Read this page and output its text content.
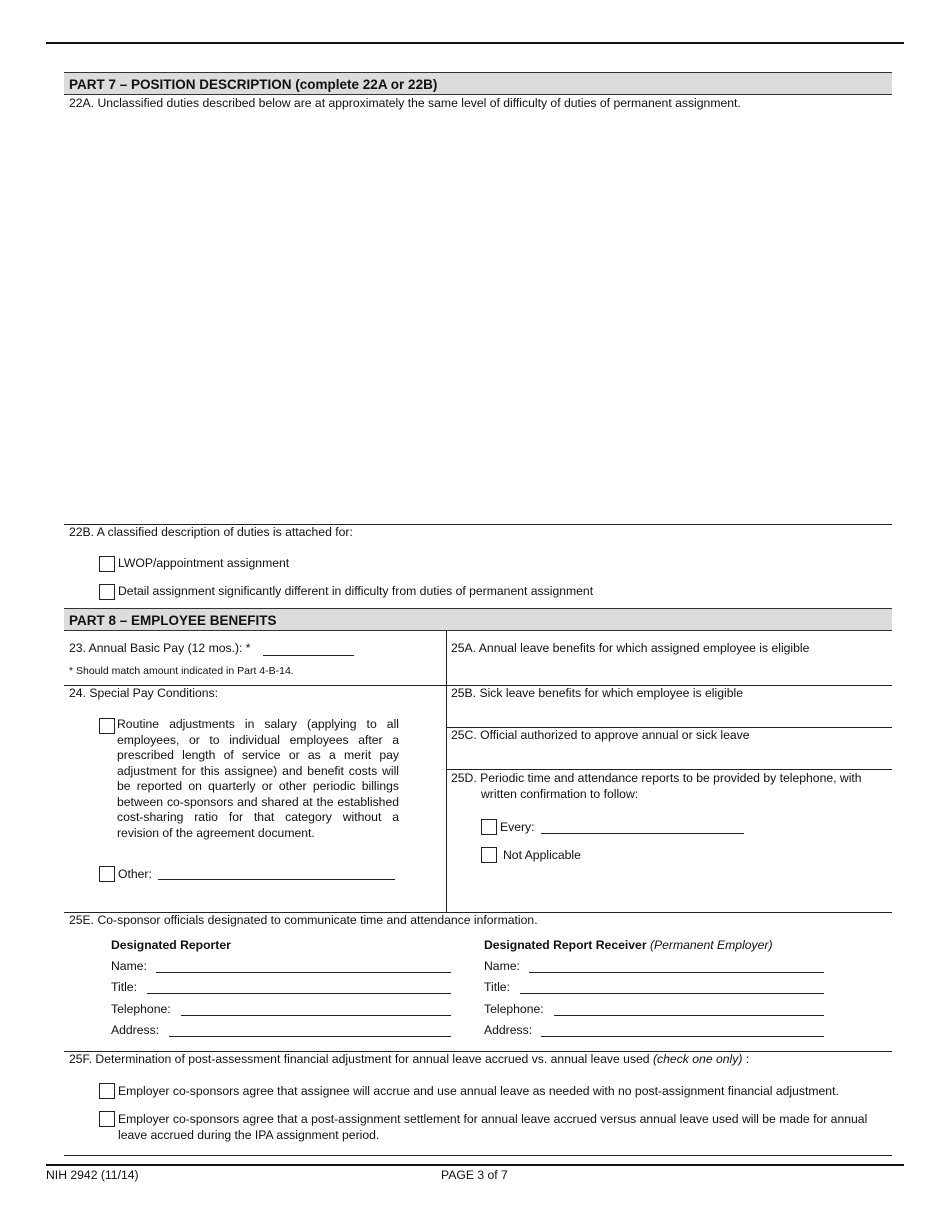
PART 7 – POSITION DESCRIPTION (complete 22A or 22B)
22A. Unclassified duties described below are at approximately the same level of difficulty of duties of permanent assignment.
22B. A classified description of duties is attached for:
LWOP/appointment assignment
Detail assignment significantly different in difficulty from duties of permanent assignment
PART 8 – EMPLOYEE BENEFITS
23. Annual Basic Pay (12 mos.): *
* Should match amount indicated in Part 4-B-14.
25A. Annual leave benefits for which assigned employee is eligible
24. Special Pay Conditions:
Routine adjustments in salary (applying to all employees, or to individual employees after a prescribed length of service or as a merit pay adjustment for this assignee) and benefit costs will be reported on quarterly or other periodic billings between co-sponsors and shared at the established cost-sharing ratio for that category without a revision of the agreement document.
Other:
25B. Sick leave benefits for which employee is eligible
25C. Official authorized to approve annual or sick leave
25D. Periodic time and attendance reports to be provided by telephone, with
written confirmation to follow:
Every:
Not Applicable
25E. Co-sponsor officials designated to communicate time and attendance information.
Designated Reporter	Designated Report Receiver (Permanent Employer)
Name:
Title:
Telephone:
Address:
Name:
Title:
Telephone:
Address:
25F. Determination of post-assessment financial adjustment for annual leave accrued vs. annual leave used (check one only) :
Employer co-sponsors agree that assignee will accrue and use annual leave as needed with no post-assignment financial adjustment.
Employer co-sponsors agree that a post-assignment settlement for annual leave accrued versus annual leave used will be made for annual leave accrued during the IPA assignment period.
NIH 2942 (11/14)	PAGE 3 of 7
